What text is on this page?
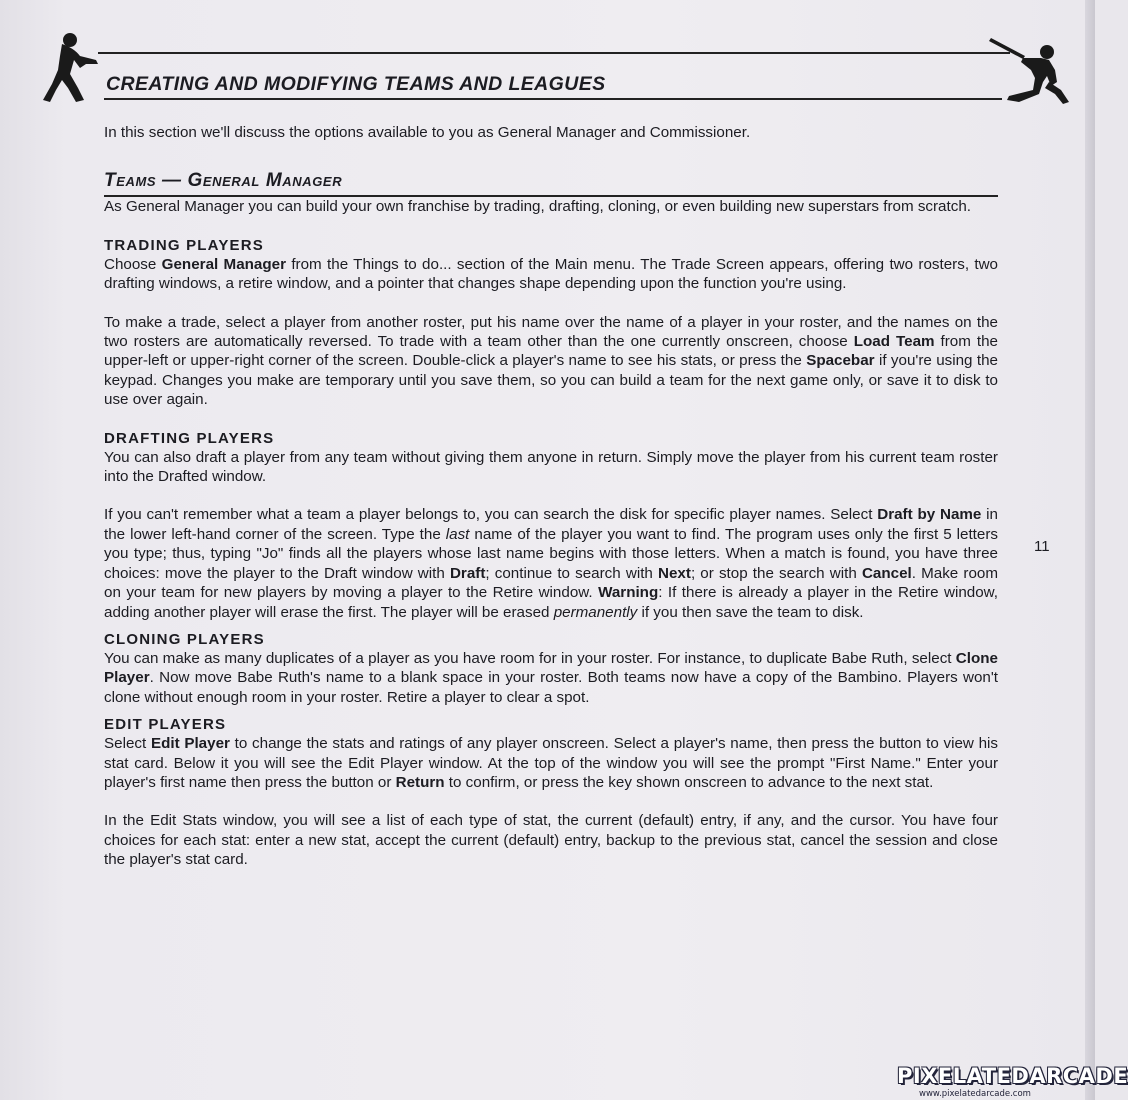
CREATING AND MODIFYING TEAMS AND LEAGUES

In this section we'll discuss the options available to you as General Manager and Commissioner.

Teams — General Manager

As General Manager you can build your own franchise by trading, drafting, cloning, or even building new superstars from scratch.

TRADING PLAYERS

Choose General Manager from the Things to do... section of the Main menu. The Trade Screen appears, offering two rosters, two drafting windows, a retire window, and a pointer that changes shape depending upon the function you're using.

To make a trade, select a player from another roster, put his name over the name of a player in your roster, and the names on the two rosters are automatically reversed. To trade with a team other than the one currently onscreen, choose Load Team from the upper-left or upper-right corner of the screen. Double-click a player's name to see his stats, or press the Spacebar if you're using the keypad. Changes you make are temporary until you save them, so you can build a team for the next game only, or save it to disk to use over again.

DRAFTING PLAYERS

You can also draft a player from any team without giving them anyone in return. Simply move the player from his current team roster into the Drafted window.

If you can't remember what a team a player belongs to, you can search the disk for specific player names. Select Draft by Name in the lower left-hand corner of the screen. Type the last name of the player you want to find. The program uses only the first 5 letters you type; thus, typing "Jo" finds all the players whose last name begins with those letters. When a match is found, you have three choices: move the player to the Draft window with Draft; continue to search with Next; or stop the search with Cancel. Make room on your team for new players by moving a player to the Retire window. Warning: If there is already a player in the Retire window, adding another player will erase the first. The player will be erased permanently if you then save the team to disk.

CLONING PLAYERS

You can make as many duplicates of a player as you have room for in your roster. For instance, to duplicate Babe Ruth, select Clone Player. Now move Babe Ruth's name to a blank space in your roster. Both teams now have a copy of the Bambino. Players won't clone without enough room in your roster. Retire a player to clear a spot.

EDIT PLAYERS

Select Edit Player to change the stats and ratings of any player onscreen. Select a player's name, then press the button to view his stat card. Below it you will see the Edit Player window. At the top of the window you will see the prompt "First Name." Enter your player's first name then press the button or Return to confirm, or press the key shown onscreen to advance to the next stat.

In the Edit Stats window, you will see a list of each type of stat, the current (default) entry, if any, and the cursor. You have four choices for each stat: enter a new stat, accept the current (default) entry, backup to the previous stat, cancel the session and close the player's stat card.

11
PIXELATEDARCADE
www.pixelatedarcade.com
